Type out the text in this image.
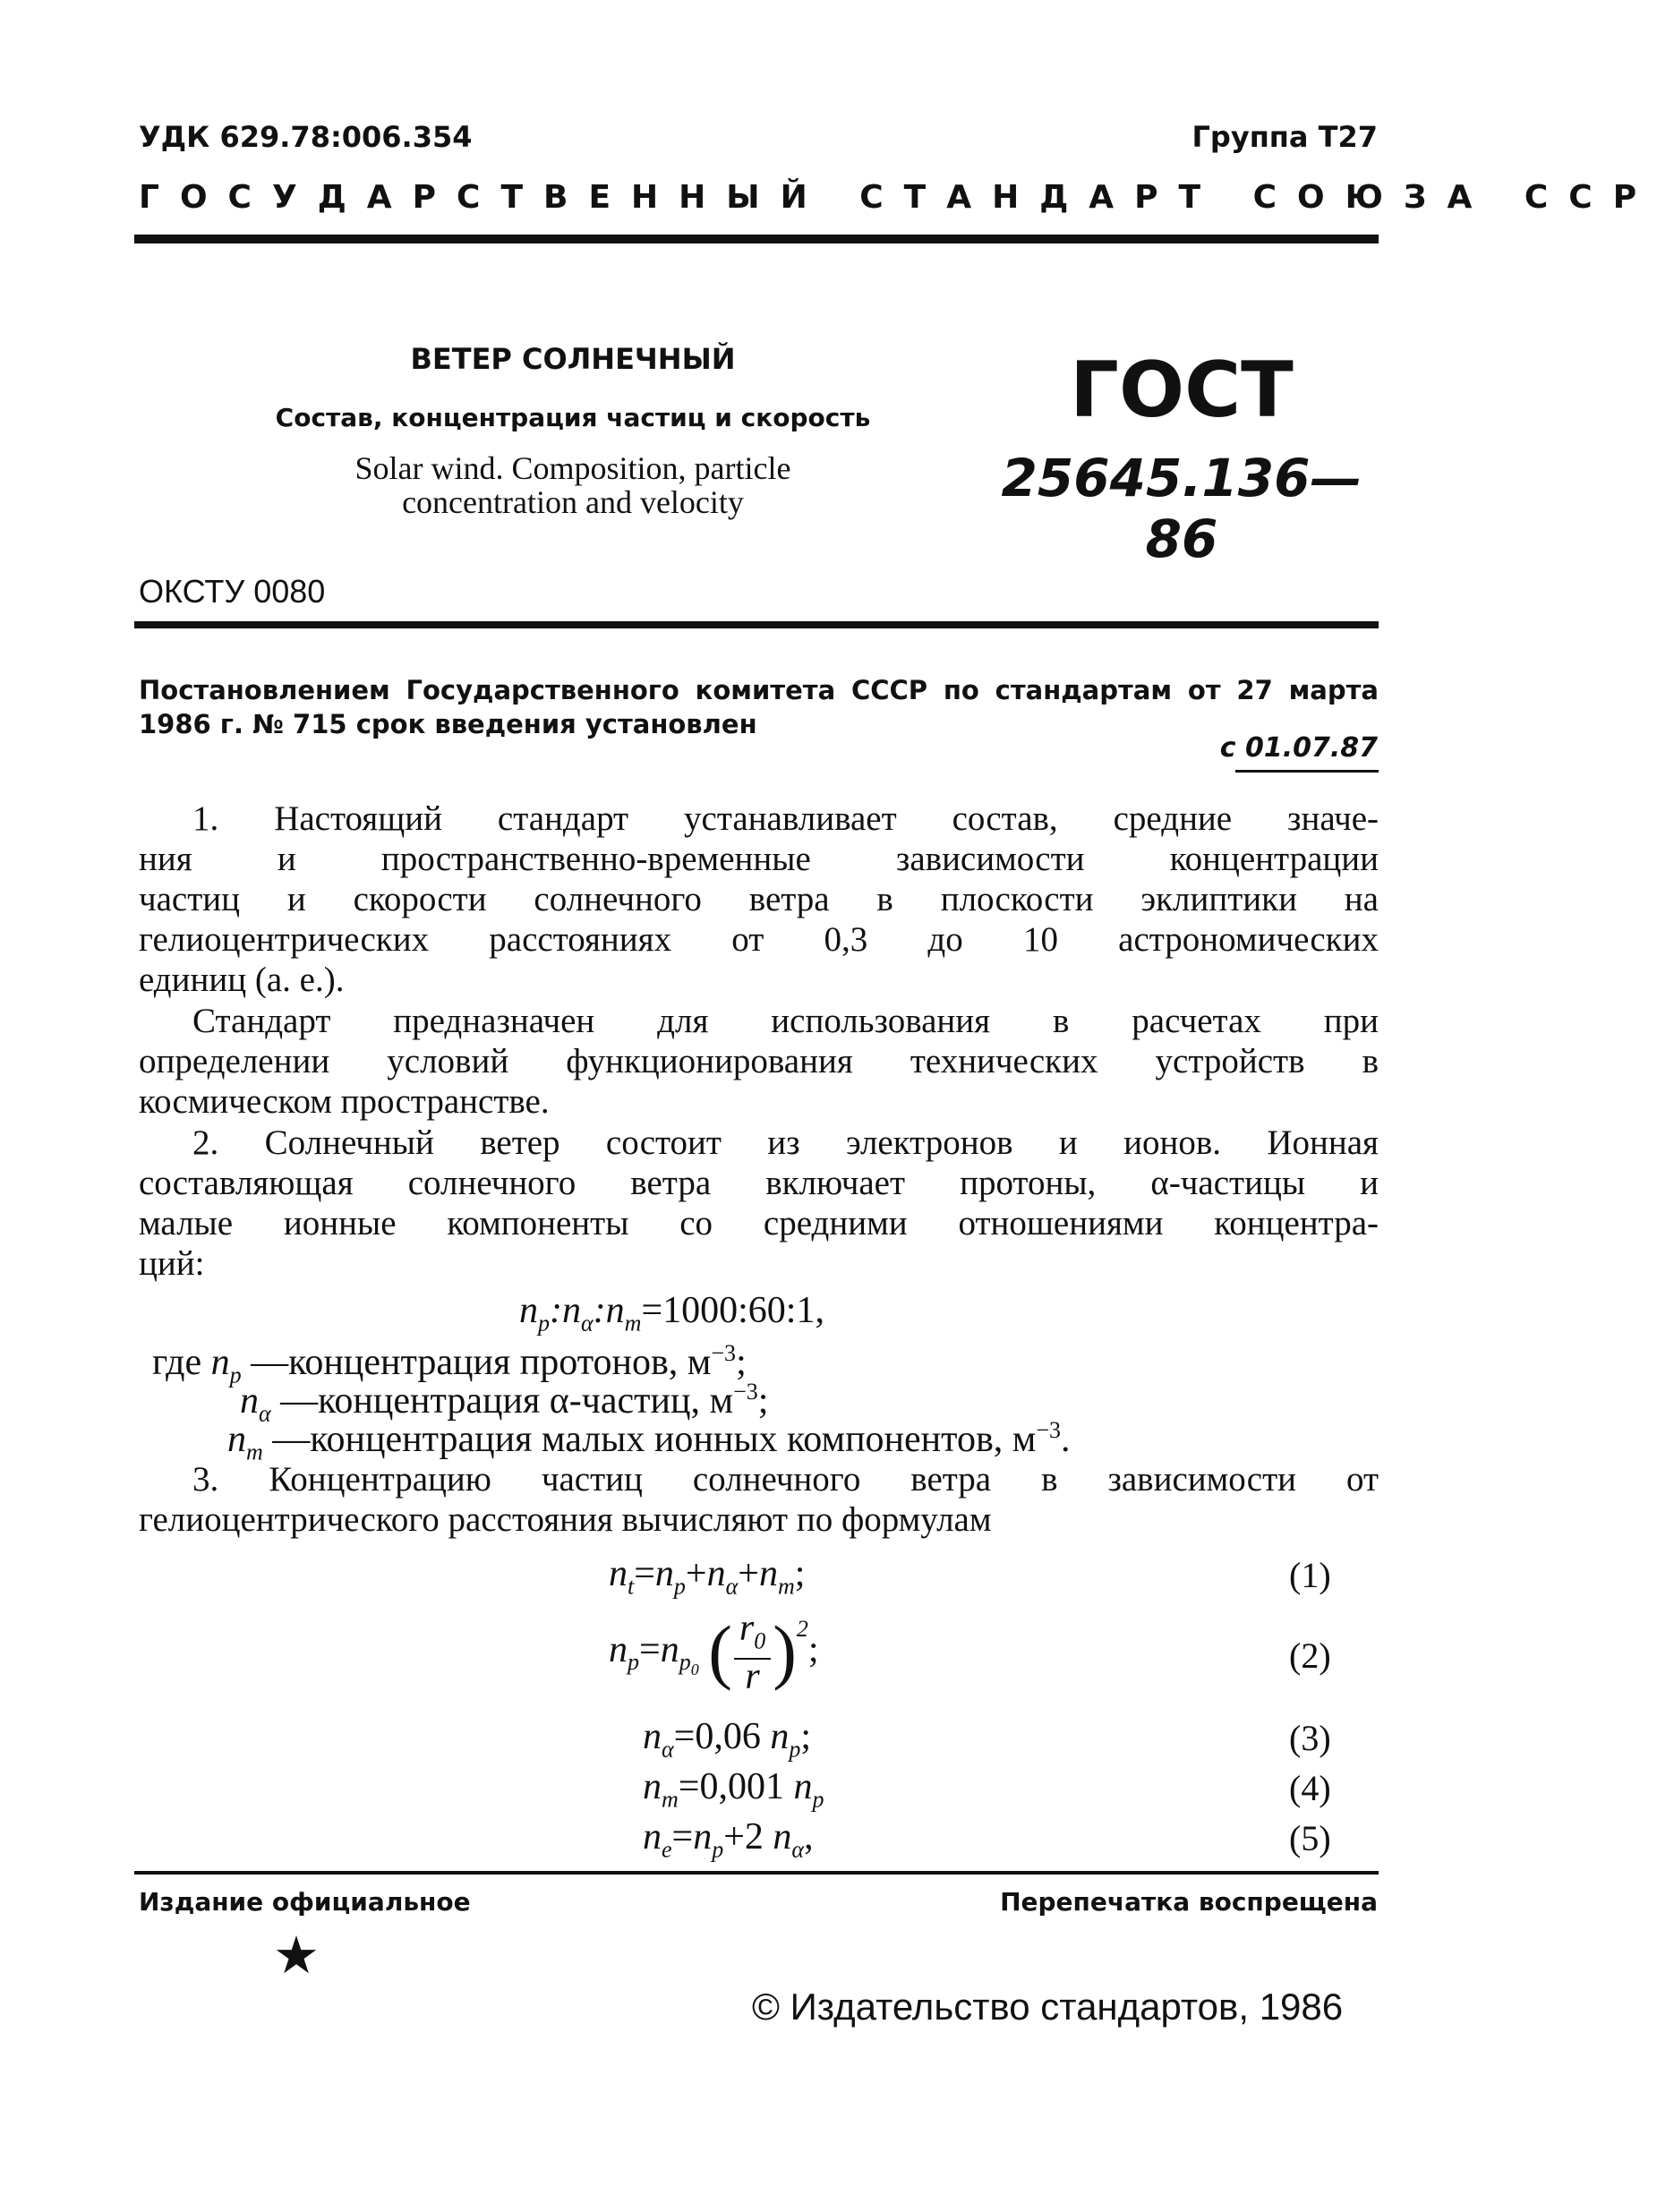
УДК 629.78:006.354	Группа Т27
ГОСУДАРСТВЕННЫЙ СТАНДАРТ СОЮЗА ССР
ВЕТЕР СОЛНЕЧНЫЙ
Состав, концентрация частиц и скорость
Solar wind. Composition, particle
concentration and velocity
ГОСТ
25645.136—86
ОКСТУ 0080
Постановлением Государственного комитета СССР по стандартам от 27 марта 1986 г. № 715 срок введения установлен
с 01.07.87
1. Настоящий стандарт устанавливает состав, средние значе-
ния и пространственно-временные зависимости концентрации
частиц и скорости солнечного ветра в плоскости эклиптики на
гелиоцентрических расстояниях от 0,3 до 10 астрономических
единиц (а. е.).
Стандарт предназначен для использования в расчетах при
определении условий функционирования технических устройств в
космическом пространстве.
2. Солнечный ветер состоит из электронов и ионов. Ионная
составляющая солнечного ветра включает протоны, α-частицы и
малые ионные компоненты со средними отношениями концентра-
ций:
$n_p:n_\alpha:n_m=1000:60:1$,
где $n_p$ —концентрация протонов, $м^{-3}$;
$n_\alpha$ —концентрация α-частиц, $м^{-3}$;
$n_m$ —концентрация малых ионных компонентов, $м^{-3}$.
3. Концентрацию частиц солнечного ветра в зависимости от
гелиоцентрического расстояния вычисляют по формулам
$n_t=n_p+n_\alpha+n_m$;	(1)
$n_p=n_{p_0}$ ( $\frac{r_0}{r} )^2$;	(2)
$n_\alpha=0,06$ $n_p$;	(3)
$n_m=0,001$ $n_p$	(4)
$n_e=n_p+2$ $n_\alpha$,	(5)
Издание официальное	Перепечатка воспрещена
★
© Издательство стандартов, 1986
